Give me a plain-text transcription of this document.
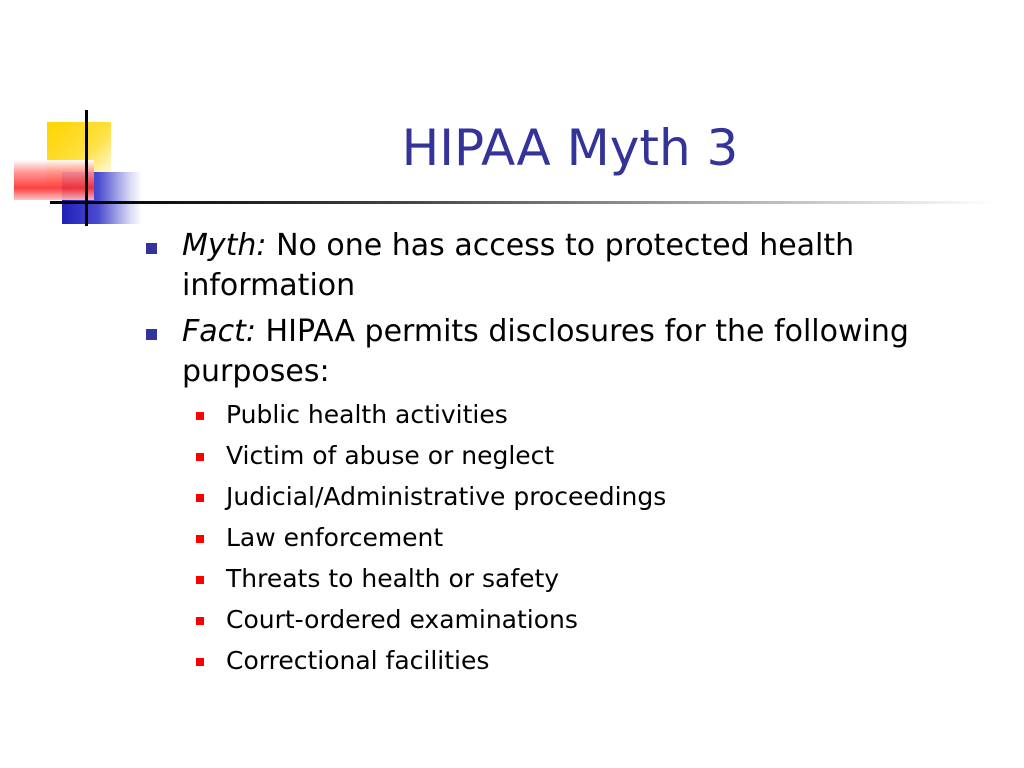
HIPAA Myth 3
Myth: No one has access to protected health information
Fact: HIPAA permits disclosures for the following purposes:
Public health activities
Victim of abuse or neglect
Judicial/Administrative proceedings
Law enforcement
Threats to health or safety
Court-ordered examinations
Correctional facilities
